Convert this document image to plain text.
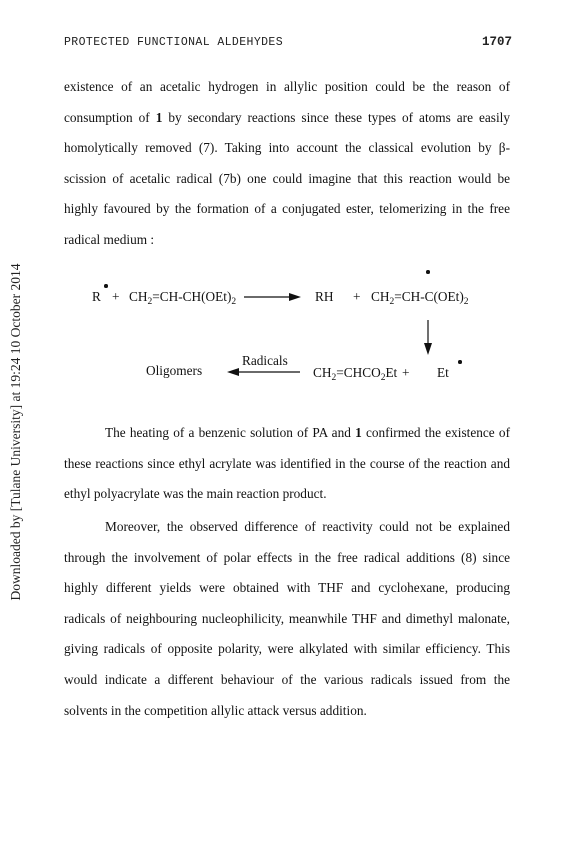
Downloaded by [Tulane University] at 19:24 10 October 2014
PROTECTED FUNCTIONAL ALDEHYDES	1707

existence of an acetalic hydrogen in allylic position could be the reason of consumption of 1 by secondary reactions since these types of atoms are easily homolytically removed (7). Taking into account the classical evolution by β-scission of acetalic radical (7b) one could imagine that this reaction would be highly favoured by the formation of a conjugated ester, telomerizing in the free radical medium :

$R + CH_2=CH-CH(OEt)_2$	RH + $CH_2=CH-C(OEt)_2$
Radicals
Oligomers	$CH_2=CHCO_2Et + Et$

The heating of a benzenic solution of PA and 1 confirmed the existence of these reactions since ethyl acrylate was identified in the course of the reaction and ethyl polyacrylate was the main reaction product.

Moreover, the observed difference of reactivity could not be explained through the involvement of polar effects in the free radical additions (8) since highly different yields were obtained with THF and cyclohexane, producing radicals of neighbouring nucleophilicity, meanwhile THF and dimethyl malonate, giving radicals of opposite polarity, were alkylated with similar efficiency. This would indicate a different behaviour of the various radicals issued from the solvents in the competition allylic attack versus addition.
